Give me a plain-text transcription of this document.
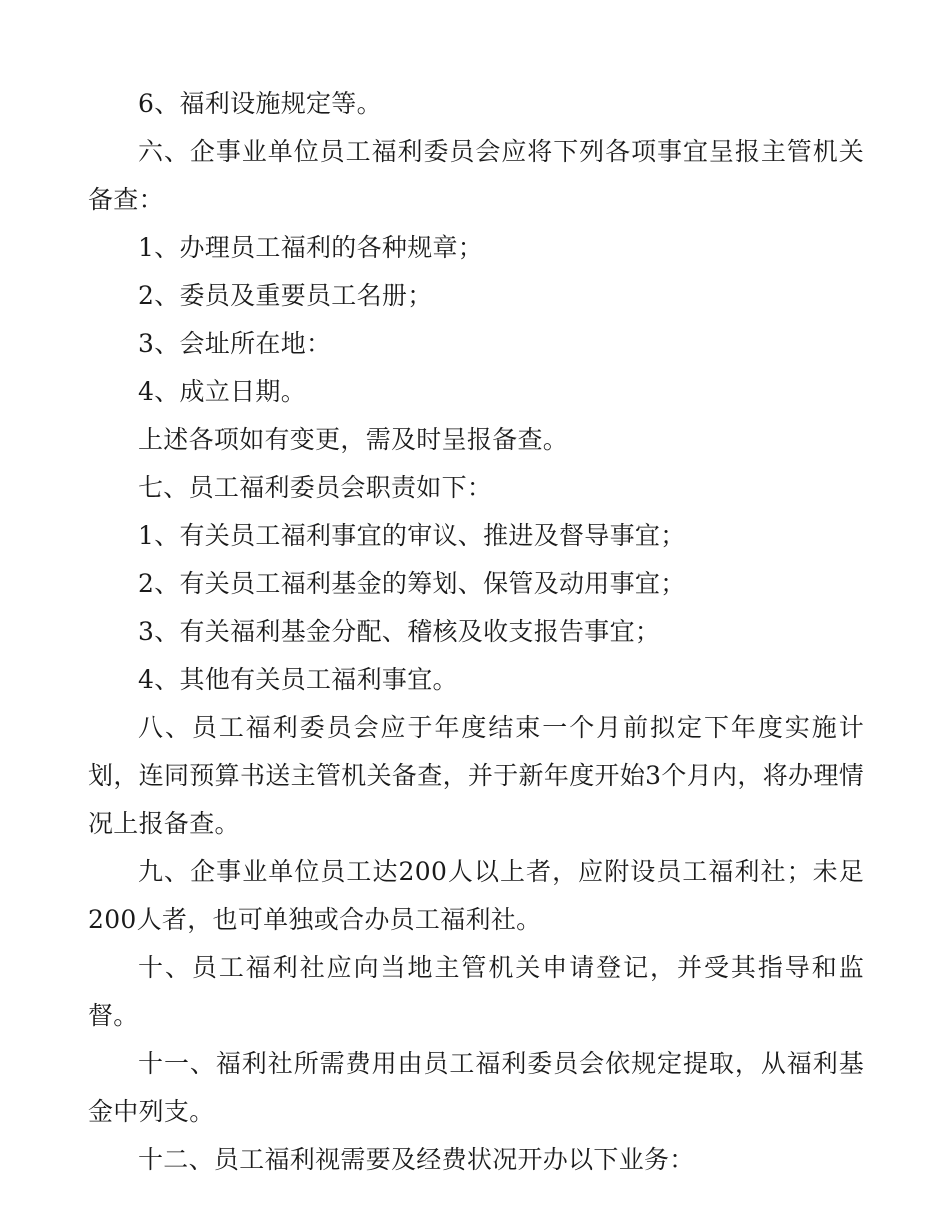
6、福利设施规定等。

六、企事业单位员工福利委员会应将下列各项事宜呈报主管机关备查：

1、办理员工福利的各种规章；

2、委员及重要员工名册；

3、会址所在地：

4、成立日期。

上述各项如有变更，需及时呈报备查。

七、员工福利委员会职责如下：

1、有关员工福利事宜的审议、推进及督导事宜；

2、有关员工福利基金的筹划、保管及动用事宜；

3、有关福利基金分配、稽核及收支报告事宜；

4、其他有关员工福利事宜。

八、员工福利委员会应于年度结束一个月前拟定下年度实施计划，连同预算书送主管机关备查，并于新年度开始3个月内，将办理情况上报备查。

九、企事业单位员工达200人以上者，应附设员工福利社；未足200人者，也可单独或合办员工福利社。

十、员工福利社应向当地主管机关申请登记，并受其指导和监督。

十一、福利社所需费用由员工福利委员会依规定提取，从福利基金中列支。

十二、员工福利视需要及经费状况开办以下业务：
